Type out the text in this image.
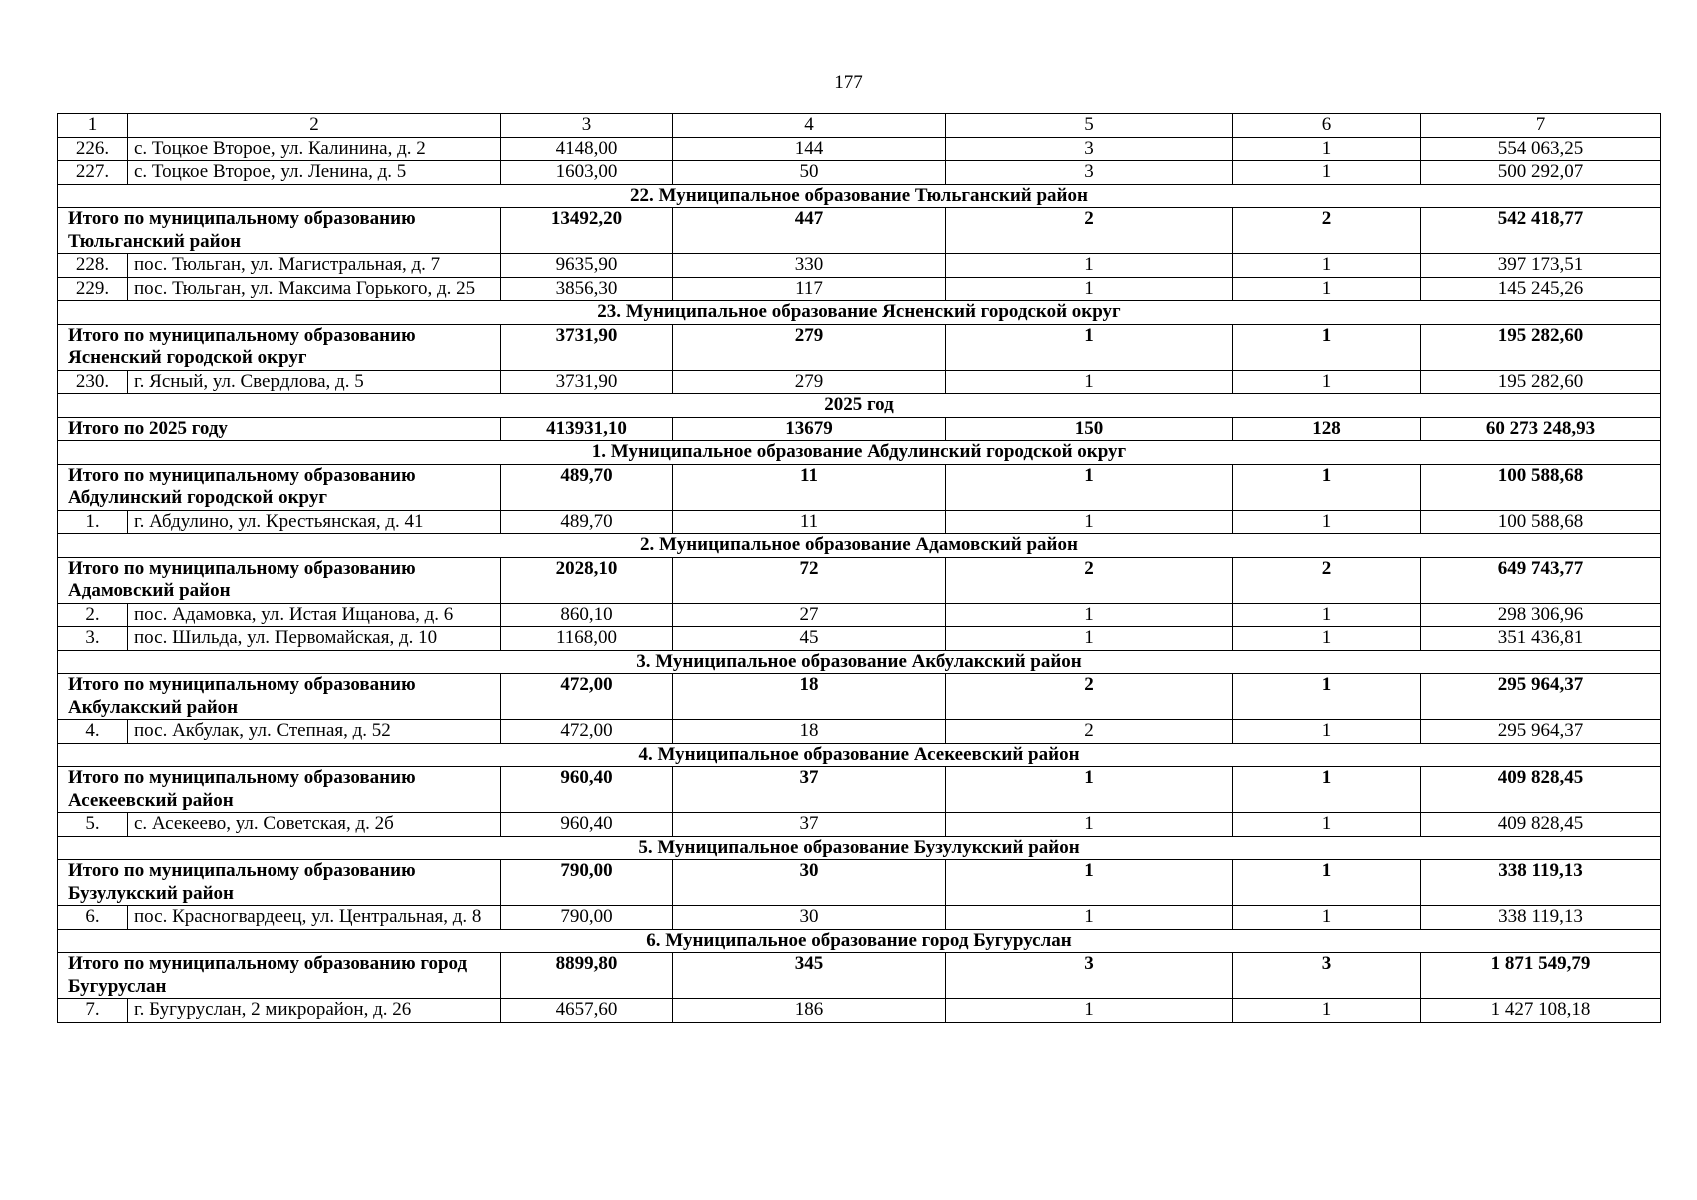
177
1	2	3	4	5	6	7
226.	с. Тоцкое Второе, ул. Калинина, д. 2	4148,00	144	3	1	554 063,25
227.	с. Тоцкое Второе, ул. Ленина, д. 5	1603,00	50	3	1	500 292,07
22. Муниципальное образование Тюльганский район						
Итого по муниципальному образованию Тюльганский район		13492,20	447	2	2	542 418,77
228.	пос. Тюльган, ул. Магистральная, д. 7	9635,90	330	1	1	397 173,51
229.	пос. Тюльган, ул. Максима Горького, д. 25	3856,30	117	1	1	145 245,26
23. Муниципальное образование Ясненский городской округ						
Итого по муниципальному образованию Ясненский городской округ		3731,90	279	1	1	195 282,60
230.	г. Ясный, ул. Свердлова, д. 5	3731,90	279	1	1	195 282,60
2025 год						
Итого по 2025 году		413931,10	13679	150	128	60 273 248,93
1. Муниципальное образование Абдулинский городской округ						
Итого по муниципальному образованию Абдулинский городской округ		489,70	11	1	1	100 588,68
1.	г. Абдулино, ул. Крестьянская, д. 41	489,70	11	1	1	100 588,68
2. Муниципальное образование Адамовский район						
Итого по муниципальному образованию Адамовский район		2028,10	72	2	2	649 743,77
2.	пос. Адамовка, ул. Истая Ищанова, д. 6	860,10	27	1	1	298 306,96
3.	пос. Шильда, ул. Первомайская, д. 10	1168,00	45	1	1	351 436,81
3. Муниципальное образование Акбулакский район						
Итого по муниципальному образованию Акбулакский район		472,00	18	2	1	295 964,37
4.	пос. Акбулак, ул. Степная, д. 52	472,00	18	2	1	295 964,37
4. Муниципальное образование Асекеевский район						
Итого по муниципальному образованию Асекеевский район		960,40	37	1	1	409 828,45
5.	с. Асекеево, ул. Советская, д. 2б	960,40	37	1	1	409 828,45
5. Муниципальное образование Бузулукский район						
Итого по муниципальному образованию Бузулукский район		790,00	30	1	1	338 119,13
6.	пос. Красногвардеец, ул. Центральная, д. 8	790,00	30	1	1	338 119,13
6. Муниципальное образование город Бугуруслан						
Итого по муниципальному образованию город Бугуруслан		8899,80	345	3	3	1 871 549,79
7.	г. Бугуруслан, 2 микрорайон, д. 26	4657,60	186	1	1	1 427 108,18
